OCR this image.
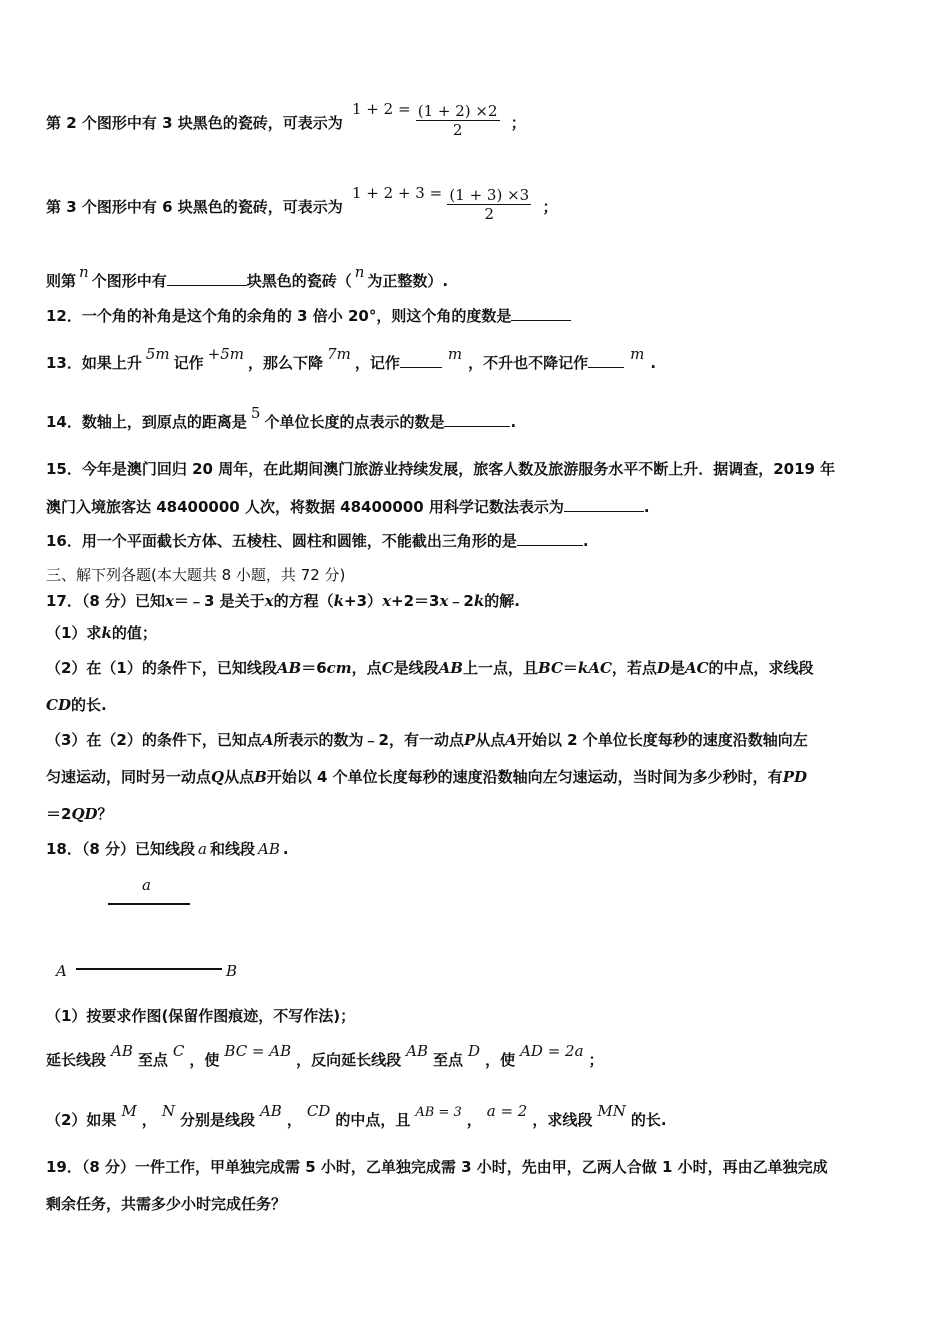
第 2 个图形中有 3 块黑色的瓷砖，可表示为 $1 + 2 = \frac{(1 + 2) \times 2}{2}$ ；
第 3 个图形中有 6 块黑色的瓷砖，可表示为 $1 + 2 + 3 = \frac{(1 + 3) \times 3}{2}$ ；
则第 n 个图形中有	块黑色的瓷砖（ n 为正整数）.
12．一个角的补角是这个角的余角的 3 倍小 20°，则这个角的度数是
13．如果上升 5m 记作 +5m ，那么下降 7m ，记作	m ，不升也不降记作	m .
14．数轴上，到原点的距离是 5 个单位长度的点表示的数是	.
15．今年是澳门回归 20 周年，在此期间澳门旅游业持续发展，旅客人数及旅游服务水平不断上升．据调查，2019 年
澳门入境旅客达 48400000 人次，将数据 48400000 用科学记数法表示为	.
16．用一个平面截长方体、五棱柱、圆柱和圆锥，不能截出三角形的是	.
三、解下列各题(本大题共 8 小题，共 72 分)
17．（8 分）已知x＝﹣3 是关于x的方程（k+3）x+2＝3x﹣2k的解.
（1）求k的值；
（2）在（1）的条件下，已知线段AB＝6cm，点C是线段AB上一点，且BC＝kAC，若点D是AC的中点，求线段
CD的长.
（3）在（2）的条件下，已知点A所表示的数为﹣2，有一动点P从点A开始以 2 个单位长度每秒的速度沿数轴向左
匀速运动，同时另一动点Q从点B开始以 4 个单位长度每秒的速度沿数轴向左匀速运动，当时间为多少秒时，有PD
＝2QD？
18．（8 分）已知线段 a 和线段 AB .
a
A	B
（1）按要求作图(保留作图痕迹，不写作法)；
延长线段 AB 至点 C ，使 BC = AB ，反向延长线段 AB 至点 D ，使 AD = 2a ；
（2）如果 M ， N 分别是线段 AB ， CD 的中点，且 AB = 3 ， a = 2 ，求线段 MN 的长.
19．（8 分）一件工作，甲单独完成需 5 小时，乙单独完成需 3 小时，先由甲，乙两人合做 1 小时，再由乙单独完成
剩余任务，共需多少小时完成任务？
